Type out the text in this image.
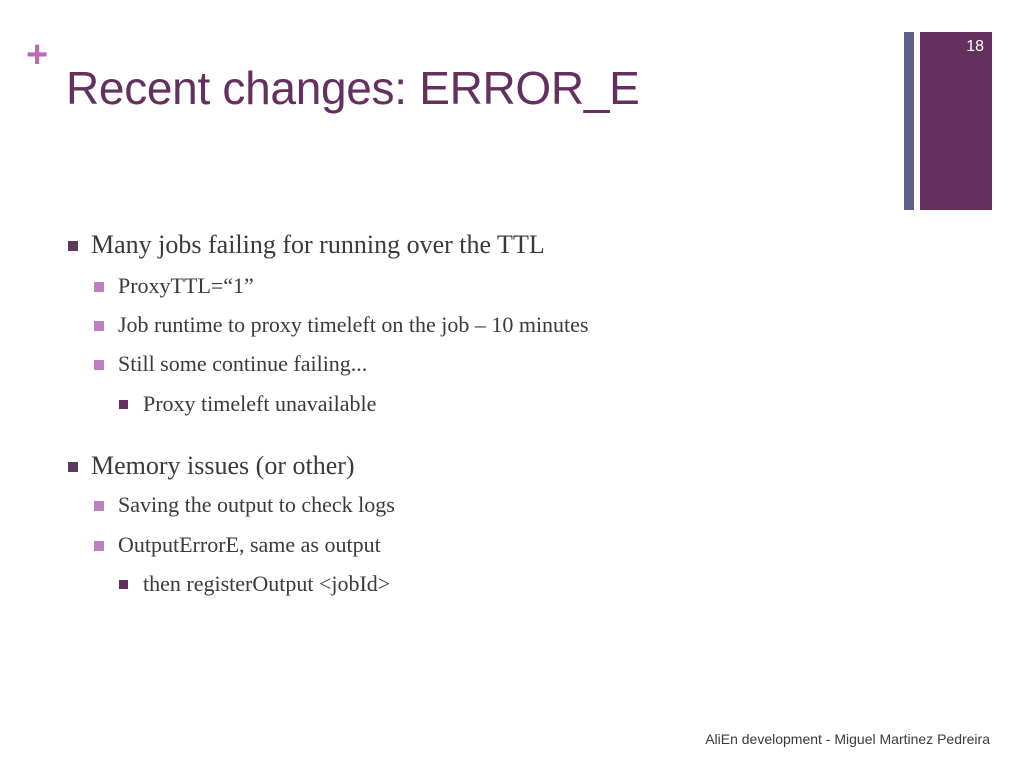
+
Recent changes: ERROR_E
18
Many jobs failing for running over the TTL
ProxyTTL=“1”
Job runtime to proxy timeleft on the job – 10 minutes
Still some continue failing...
Proxy timeleft unavailable
Memory issues (or other)
Saving the output to check logs
OutputErrorE, same as output
then registerOutput <jobId>
AliEn development - Miguel Martinez Pedreira
